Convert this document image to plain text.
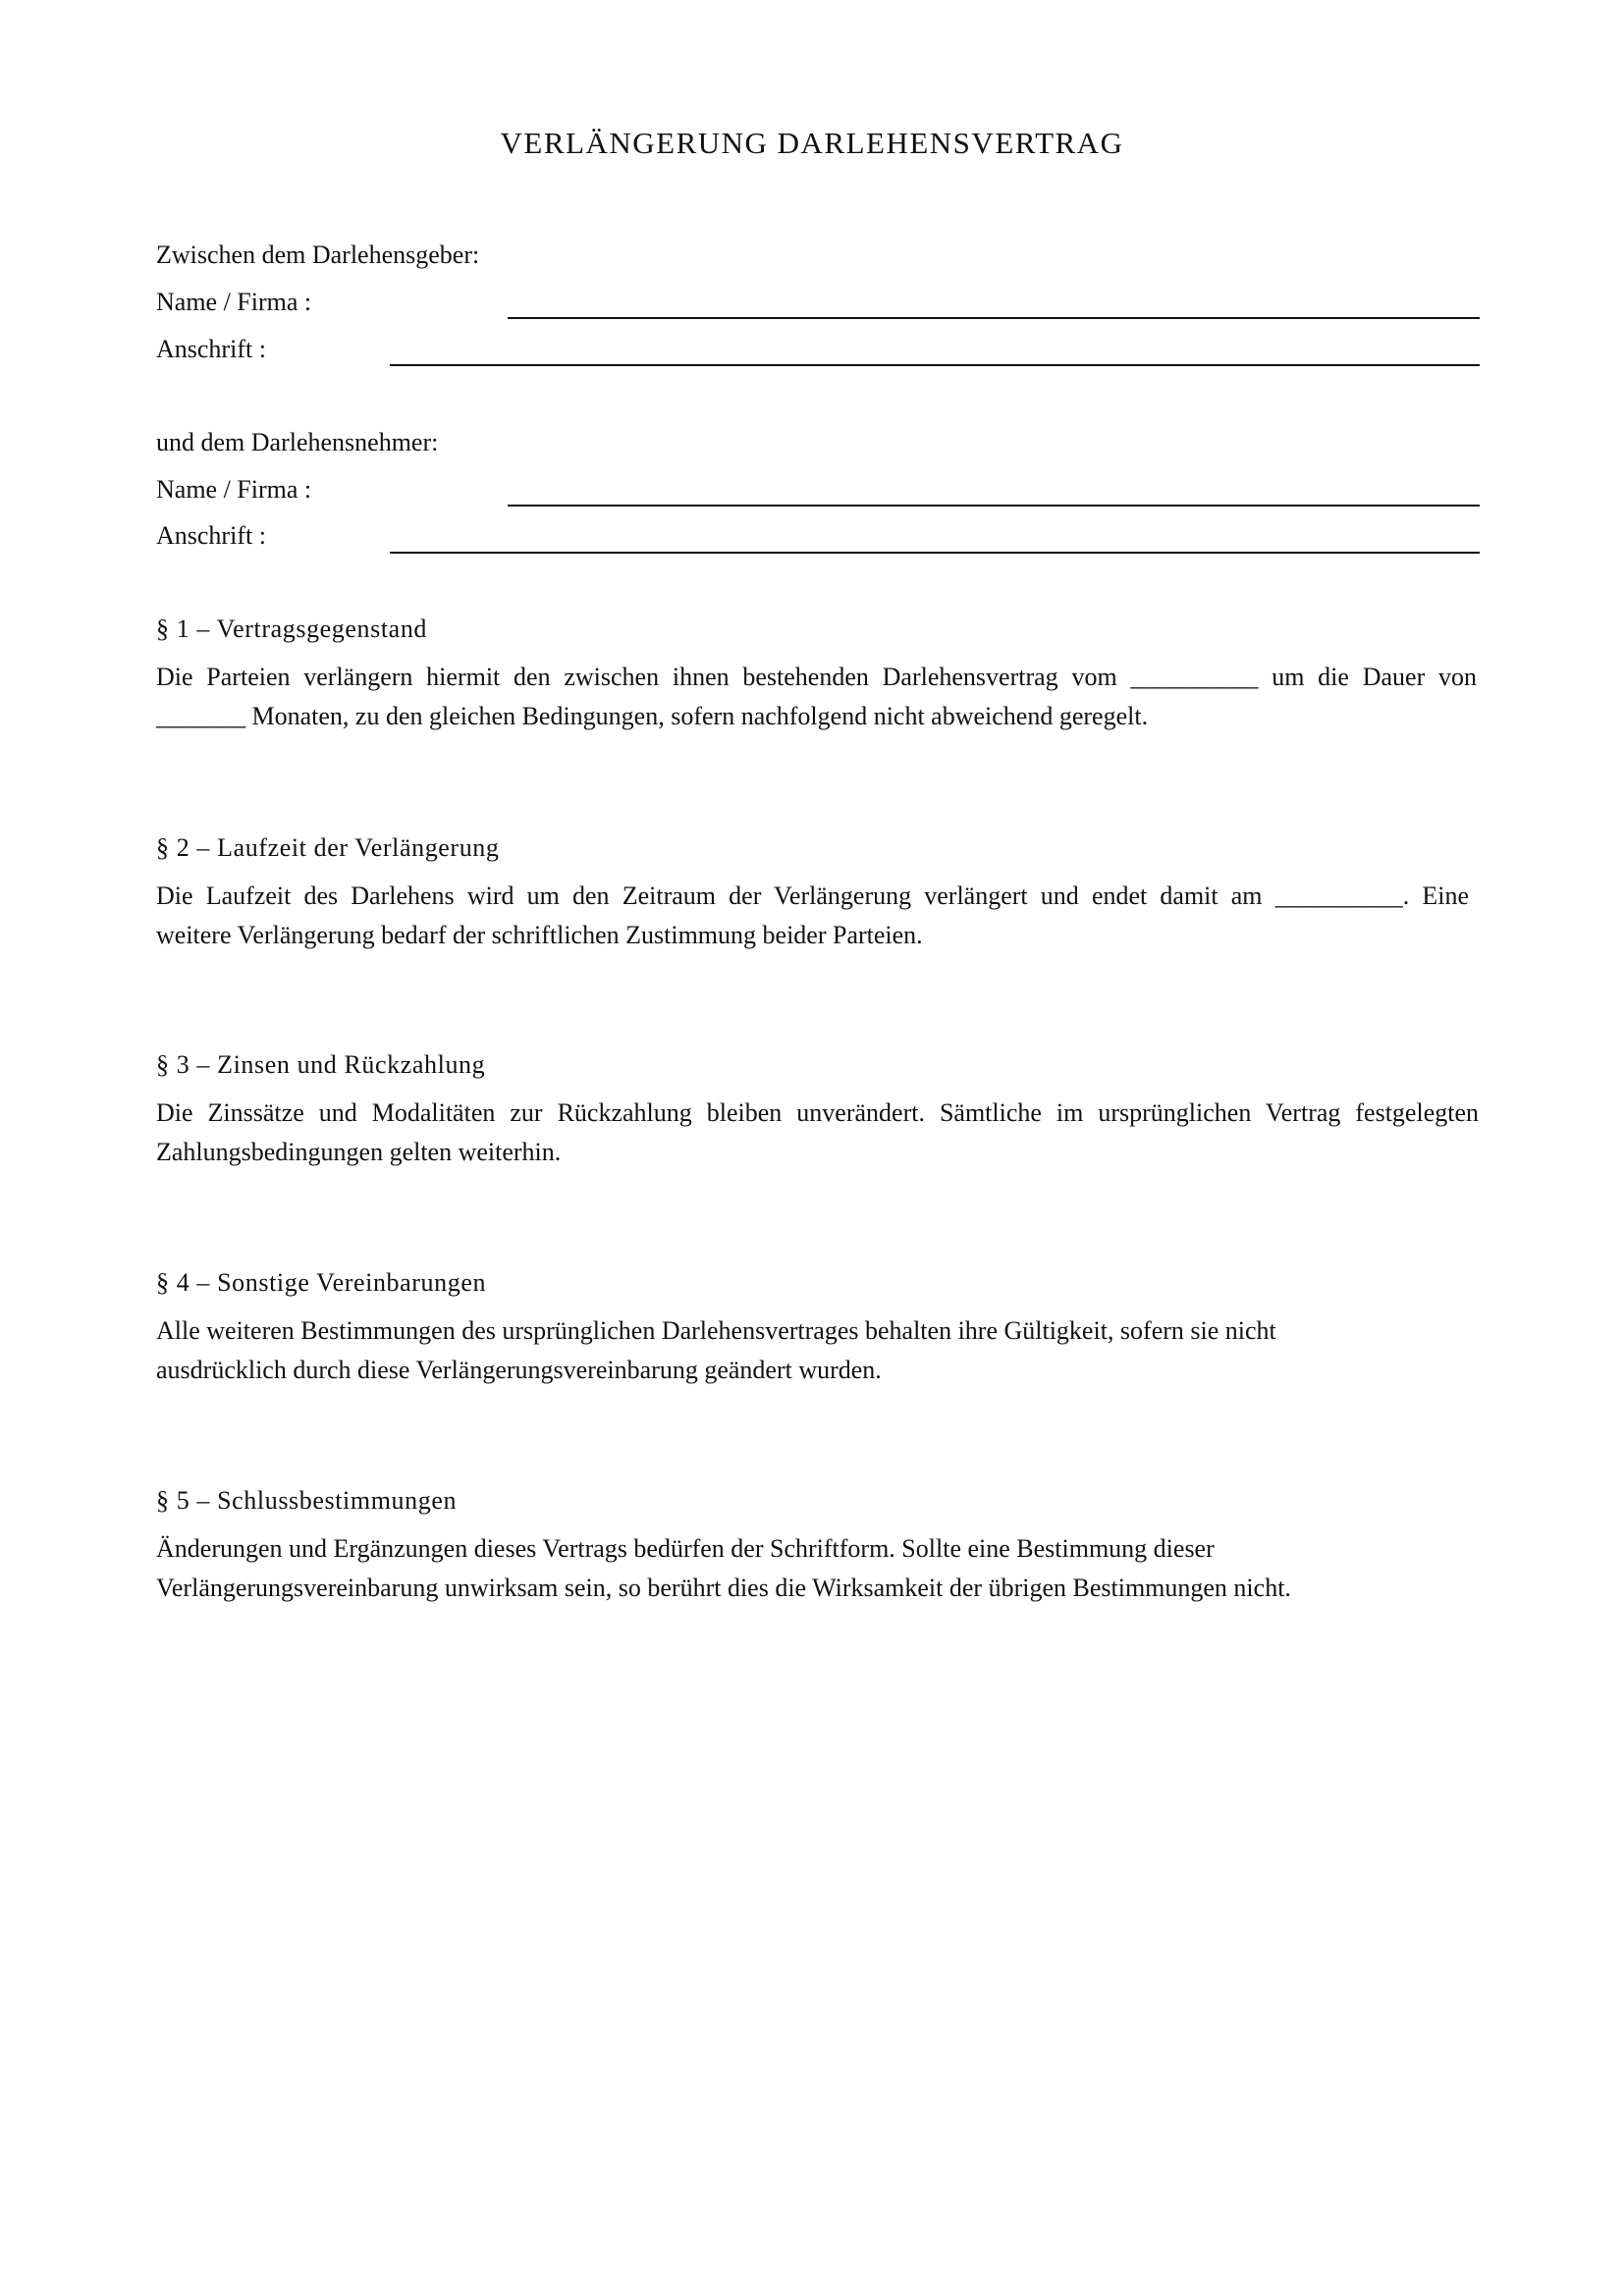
VERLÄNGERUNG DARLEHENSVERTRAG
Zwischen dem Darlehensgeber:
Name / Firma :
Anschrift :
und dem Darlehensnehmer:
Name / Firma :
Anschrift :
§ 1 – Vertragsgegenstand
Die Parteien verlängern hiermit den zwischen ihnen bestehenden Darlehensvertrag vom __________ um die Dauer von
_______ Monaten, zu den gleichen Bedingungen, sofern nachfolgend nicht abweichend geregelt.
§ 2 – Laufzeit der Verlängerung
Die Laufzeit des Darlehens wird um den Zeitraum der Verlängerung verlängert und endet damit am __________. Eine
weitere Verlängerung bedarf der schriftlichen Zustimmung beider Parteien.
§ 3 – Zinsen und Rückzahlung
Die Zinssätze und Modalitäten zur Rückzahlung bleiben unverändert. Sämtliche im ursprünglichen Vertrag festgelegten
Zahlungsbedingungen gelten weiterhin.
§ 4 – Sonstige Vereinbarungen
Alle weiteren Bestimmungen des ursprünglichen Darlehensvertrages behalten ihre Gültigkeit, sofern sie nicht
ausdrücklich durch diese Verlängerungsvereinbarung geändert wurden.
§ 5 – Schlussbestimmungen
Änderungen und Ergänzungen dieses Vertrags bedürfen der Schriftform. Sollte eine Bestimmung dieser
Verlängerungsvereinbarung unwirksam sein, so berührt dies die Wirksamkeit der übrigen Bestimmungen nicht.
